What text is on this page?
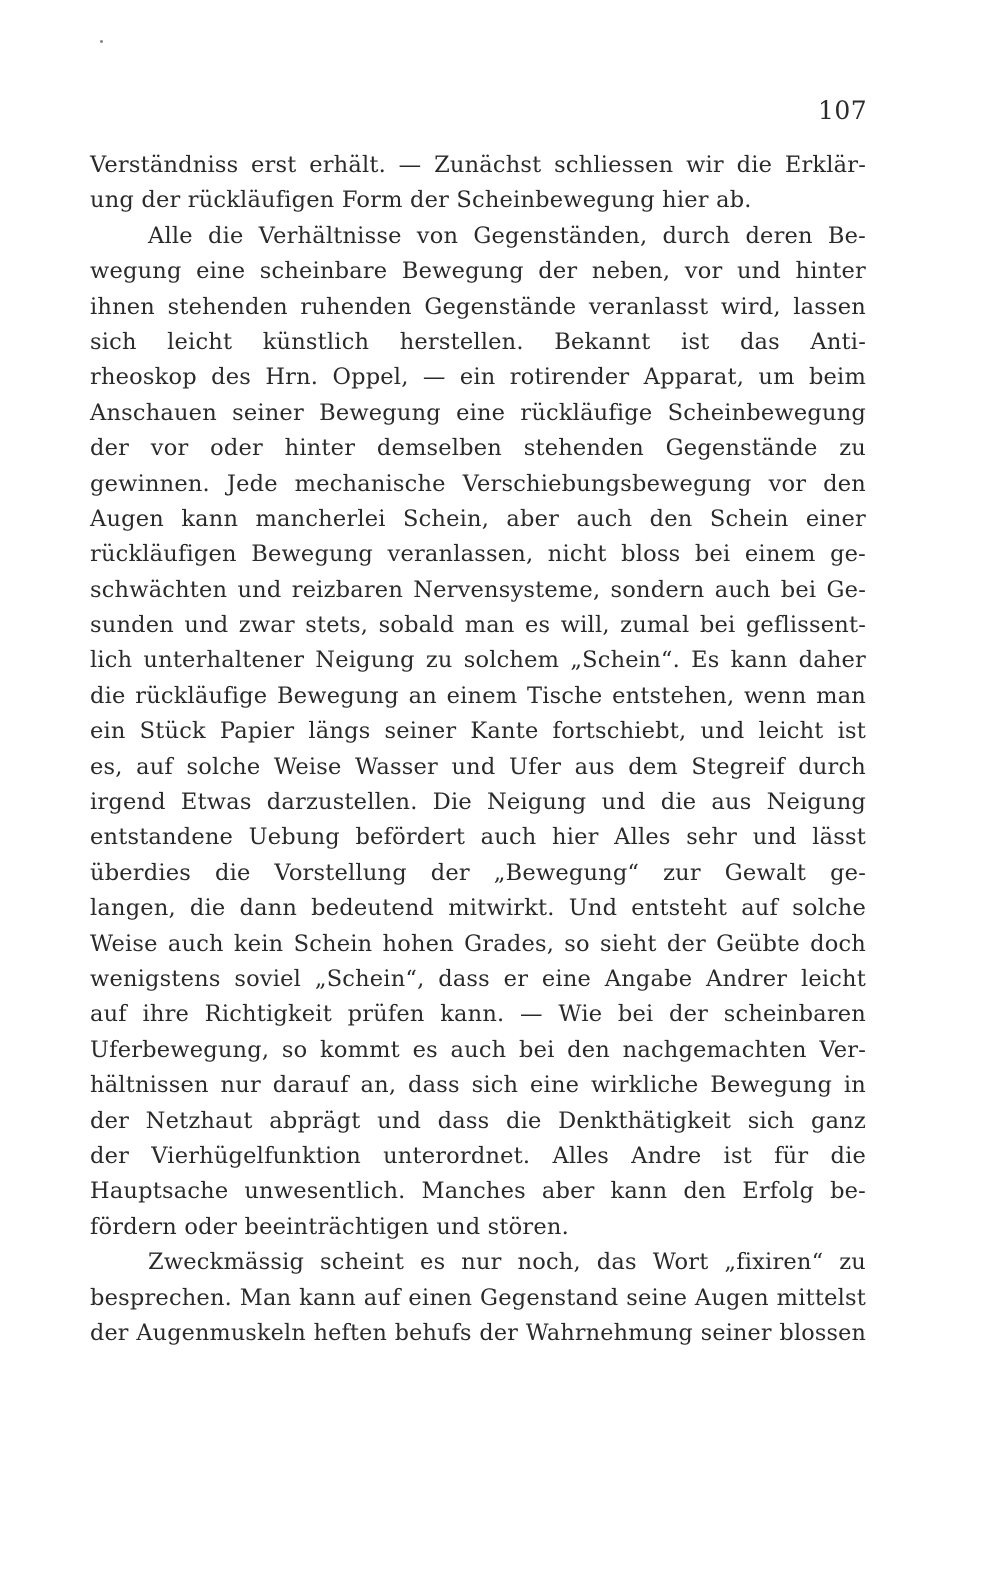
107
Verständniss erst erhält. — Zunächst schliessen wir die Erklär-
ung der rückläufigen Form der Scheinbewegung hier ab.
Alle die Verhältnisse von Gegenständen, durch deren Be-
wegung eine scheinbare Bewegung der neben, vor und hinter
ihnen stehenden ruhenden Gegenstände veranlasst wird, lassen
sich leicht künstlich herstellen. Bekannt ist das Anti-
rheoskop des Hrn. Oppel, — ein rotirender Apparat, um beim
Anschauen seiner Bewegung eine rückläufige Scheinbewegung
der vor oder hinter demselben stehenden Gegenstände zu
gewinnen. Jede mechanische Verschiebungsbewegung vor den
Augen kann mancherlei Schein, aber auch den Schein einer
rückläufigen Bewegung veranlassen, nicht bloss bei einem ge-
schwächten und reizbaren Nervensysteme, sondern auch bei Ge-
sunden und zwar stets, sobald man es will, zumal bei geflissent-
lich unterhaltener Neigung zu solchem „Schein“. Es kann daher
die rückläufige Bewegung an einem Tische entstehen, wenn man
ein Stück Papier längs seiner Kante fortschiebt, und leicht ist
es, auf solche Weise Wasser und Ufer aus dem Stegreif durch
irgend Etwas darzustellen. Die Neigung und die aus Neigung
entstandene Uebung befördert auch hier Alles sehr und lässt
überdies die Vorstellung der „Bewegung“ zur Gewalt ge-
langen, die dann bedeutend mitwirkt. Und entsteht auf solche
Weise auch kein Schein hohen Grades, so sieht der Geübte doch
wenigstens soviel „Schein“, dass er eine Angabe Andrer leicht
auf ihre Richtigkeit prüfen kann. — Wie bei der scheinbaren
Uferbewegung, so kommt es auch bei den nachgemachten Ver-
hältnissen nur darauf an, dass sich eine wirkliche Bewegung in
der Netzhaut abprägt und dass die Denkthätigkeit sich ganz
der Vierhügelfunktion unterordnet. Alles Andre ist für die
Hauptsache unwesentlich. Manches aber kann den Erfolg be-
fördern oder beeinträchtigen und stören.
Zweckmässig scheint es nur noch, das Wort „fixiren“ zu
besprechen. Man kann auf einen Gegenstand seine Augen mittelst
der Augenmuskeln heften behufs der Wahrnehmung seiner blossen
